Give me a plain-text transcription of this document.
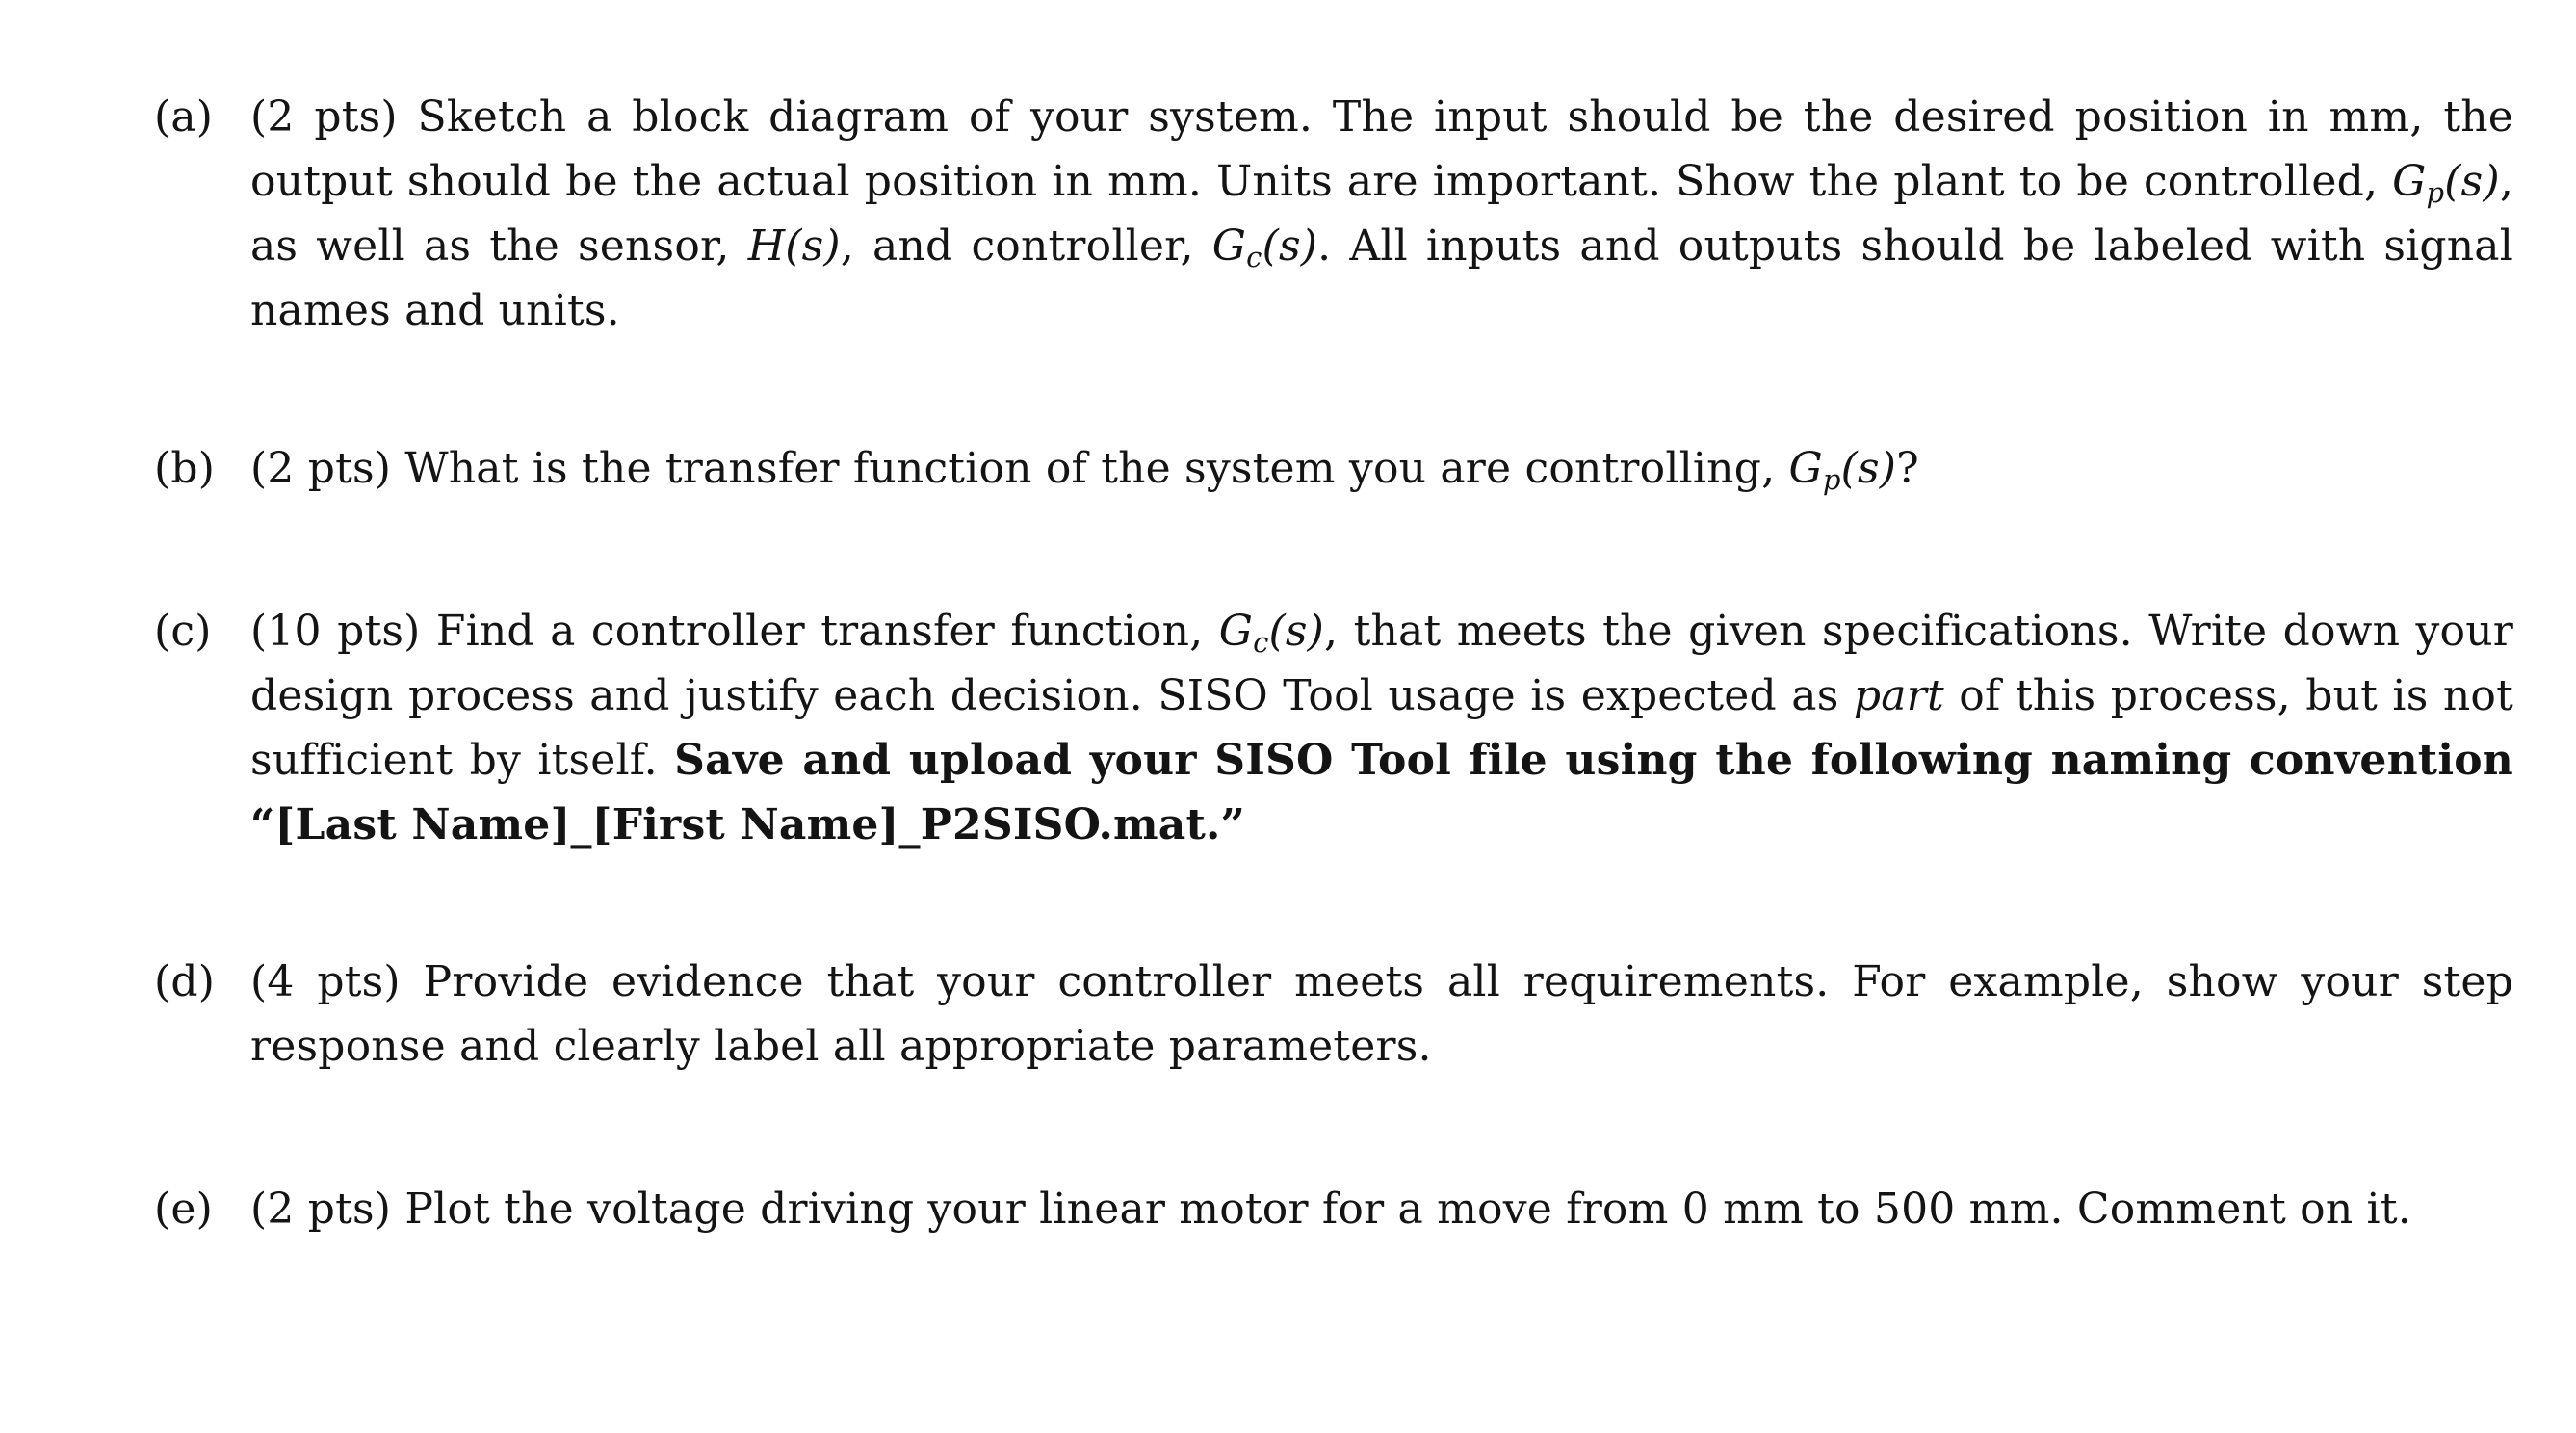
(a) (2 pts) Sketch a block diagram of your system. The input should be the desired position in mm, the output should be the actual position in mm. Units are important. Show the plant to be controlled, $G_p(s)$, as well as the sensor, H(s), and controller, $G_c(s)$. All inputs and outputs should be labeled with signal names and units.
(b) (2 pts) What is the transfer function of the system you are controlling, $G_p(s)$?
(c) (10 pts) Find a controller transfer function, $G_c(s)$, that meets the given specifications. Write down your design process and justify each decision. SISO Tool usage is expected as part of this process, but is not sufficient by itself. Save and upload your SISO Tool file using the following naming convention “[Last Name]_[First Name]_P2SISO.mat.”
(d) (4 pts) Provide evidence that your controller meets all requirements. For example, show your step response and clearly label all appropriate parameters.
(e) (2 pts) Plot the voltage driving your linear motor for a move from 0 mm to 500 mm. Comment on it.
